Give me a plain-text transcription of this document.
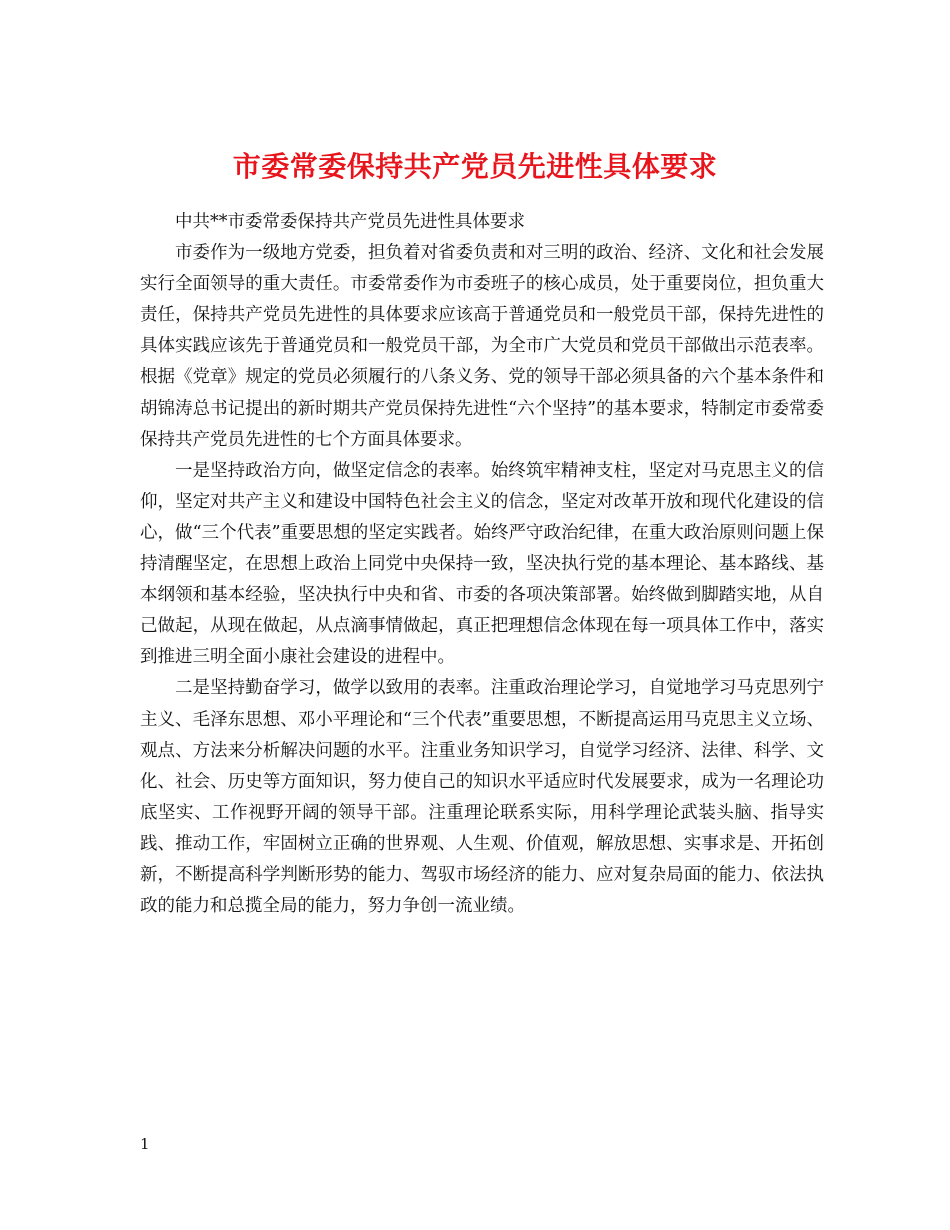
市委常委保持共产党员先进性具体要求

中共**市委常委保持共产党员先进性具体要求

市委作为一级地方党委，担负着对省委负责和对三明的政治、经济、文化和社会发展实行全面领导的重大责任。市委常委作为市委班子的核心成员，处于重要岗位，担负重大责任，保持共产党员先进性的具体要求应该高于普通党员和一般党员干部，保持先进性的具体实践应该先于普通党员和一般党员干部，为全市广大党员和党员干部做出示范表率。根据《党章》规定的党员必须履行的八条义务、党的领导干部必须具备的六个基本条件和胡锦涛总书记提出的新时期共产党员保持先进性“六个坚持”的基本要求，特制定市委常委保持共产党员先进性的七个方面具体要求。

一是坚持政治方向，做坚定信念的表率。始终筑牢精神支柱，坚定对马克思主义的信仰，坚定对共产主义和建设中国特色社会主义的信念，坚定对改革开放和现代化建设的信心，做“三个代表”重要思想的坚定实践者。始终严守政治纪律，在重大政治原则问题上保持清醒坚定，在思想上政治上同党中央保持一致，坚决执行党的基本理论、基本路线、基本纲领和基本经验，坚决执行中央和省、市委的各项决策部署。始终做到脚踏实地，从自己做起，从现在做起，从点滴事情做起，真正把理想信念体现在每一项具体工作中，落实到推进三明全面小康社会建设的进程中。

二是坚持勤奋学习，做学以致用的表率。注重政治理论学习，自觉地学习马克思列宁主义、毛泽东思想、邓小平理论和“三个代表”重要思想，不断提高运用马克思主义立场、观点、方法来分析解决问题的水平。注重业务知识学习，自觉学习经济、法律、科学、文化、社会、历史等方面知识，努力使自己的知识水平适应时代发展要求，成为一名理论功底坚实、工作视野开阔的领导干部。注重理论联系实际，用科学理论武装头脑、指导实践、推动工作，牢固树立正确的世界观、人生观、价值观，解放思想、实事求是、开拓创新，不断提高科学判断形势的能力、驾驭市场经济的能力、应对复杂局面的能力、依法执政的能力和总揽全局的能力，努力争创一流业绩。

1
